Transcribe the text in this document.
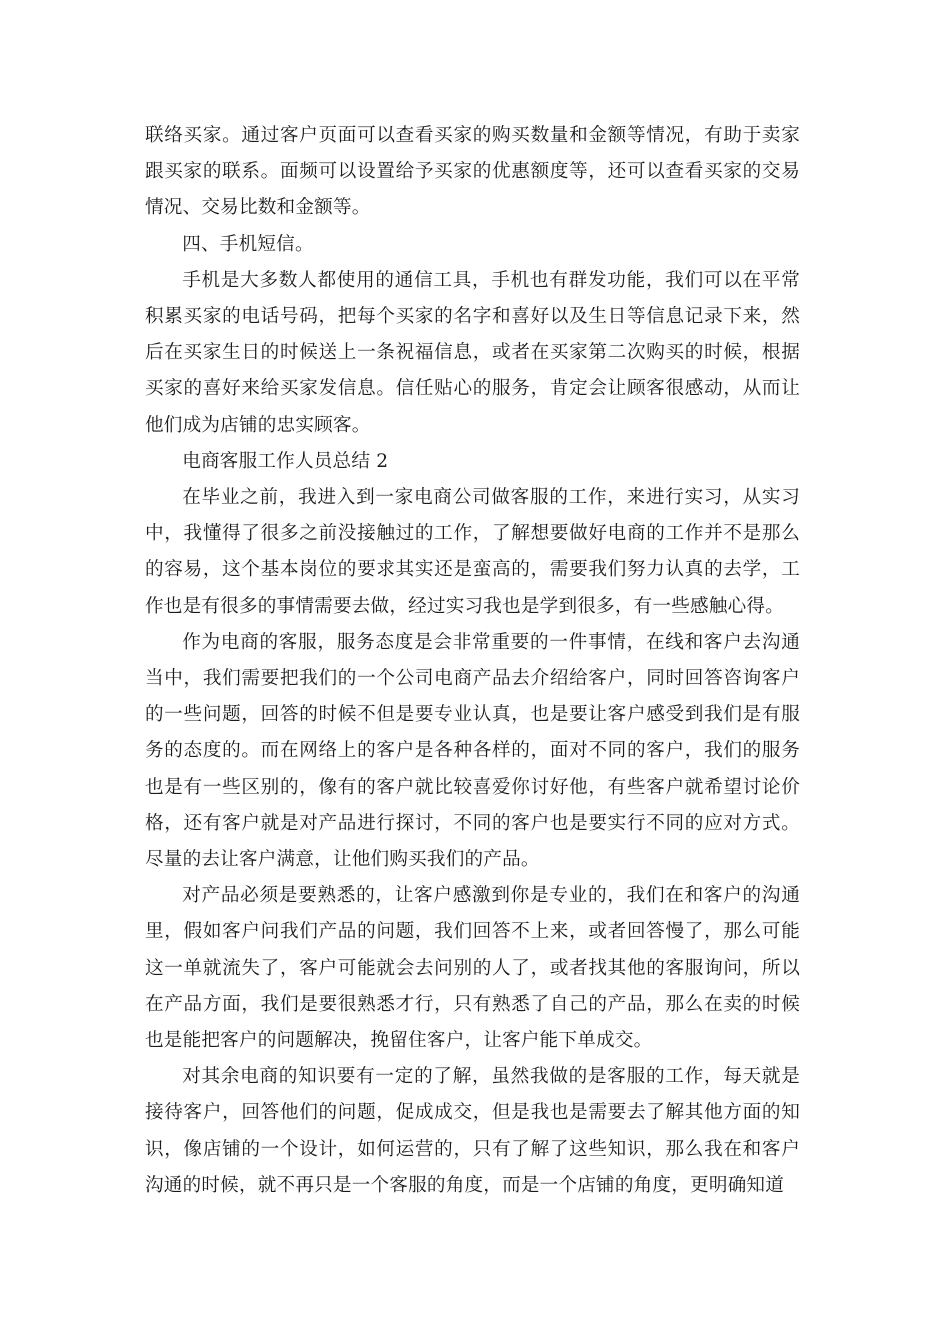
联络买家。通过客户页面可以查看买家的购买数量和金额等情况，有助于卖家跟买家的联系。面频可以设置给予买家的优惠额度等，还可以查看买家的交易情况、交易比数和金额等。

四、手机短信。

手机是大多数人都使用的通信工具，手机也有群发功能，我们可以在平常积累买家的电话号码，把每个买家的名字和喜好以及生日等信息记录下来，然后在买家生日的时候送上一条祝福信息，或者在买家第二次购买的时候，根据买家的喜好来给买家发信息。信任贴心的服务，肯定会让顾客很感动，从而让他们成为店铺的忠实顾客。

电商客服工作人员总结 2

在毕业之前，我进入到一家电商公司做客服的工作，来进行实习，从实习中，我懂得了很多之前没接触过的工作，了解想要做好电商的工作并不是那么的容易，这个基本岗位的要求其实还是蛮高的，需要我们努力认真的去学，工作也是有很多的事情需要去做，经过实习我也是学到很多，有一些感触心得。

作为电商的客服，服务态度是会非常重要的一件事情，在线和客户去沟通当中，我们需要把我们的一个公司电商产品去介绍给客户，同时回答咨询客户的一些问题，回答的时候不但是要专业认真，也是要让客户感受到我们是有服务的态度的。而在网络上的客户是各种各样的，面对不同的客户，我们的服务也是有一些区别的，像有的客户就比较喜爱你讨好他，有些客户就希望讨论价格，还有客户就是对产品进行探讨，不同的客户也是要实行不同的应对方式。尽量的去让客户满意，让他们购买我们的产品。

对产品必须是要熟悉的，让客户感激到你是专业的，我们在和客户的沟通里，假如客户问我们产品的问题，我们回答不上来，或者回答慢了，那么可能这一单就流失了，客户可能就会去问别的人了，或者找其他的客服询问，所以在产品方面，我们是要很熟悉才行，只有熟悉了自己的产品，那么在卖的时候也是能把客户的问题解决，挽留住客户，让客户能下单成交。

对其余电商的知识要有一定的了解，虽然我做的是客服的工作，每天就是接待客户，回答他们的问题，促成成交，但是我也是需要去了解其他方面的知识，像店铺的一个设计，如何运营的，只有了解了这些知识，那么我在和客户沟通的时候，就不再只是一个客服的角度，而是一个店铺的角度，更明确知道
